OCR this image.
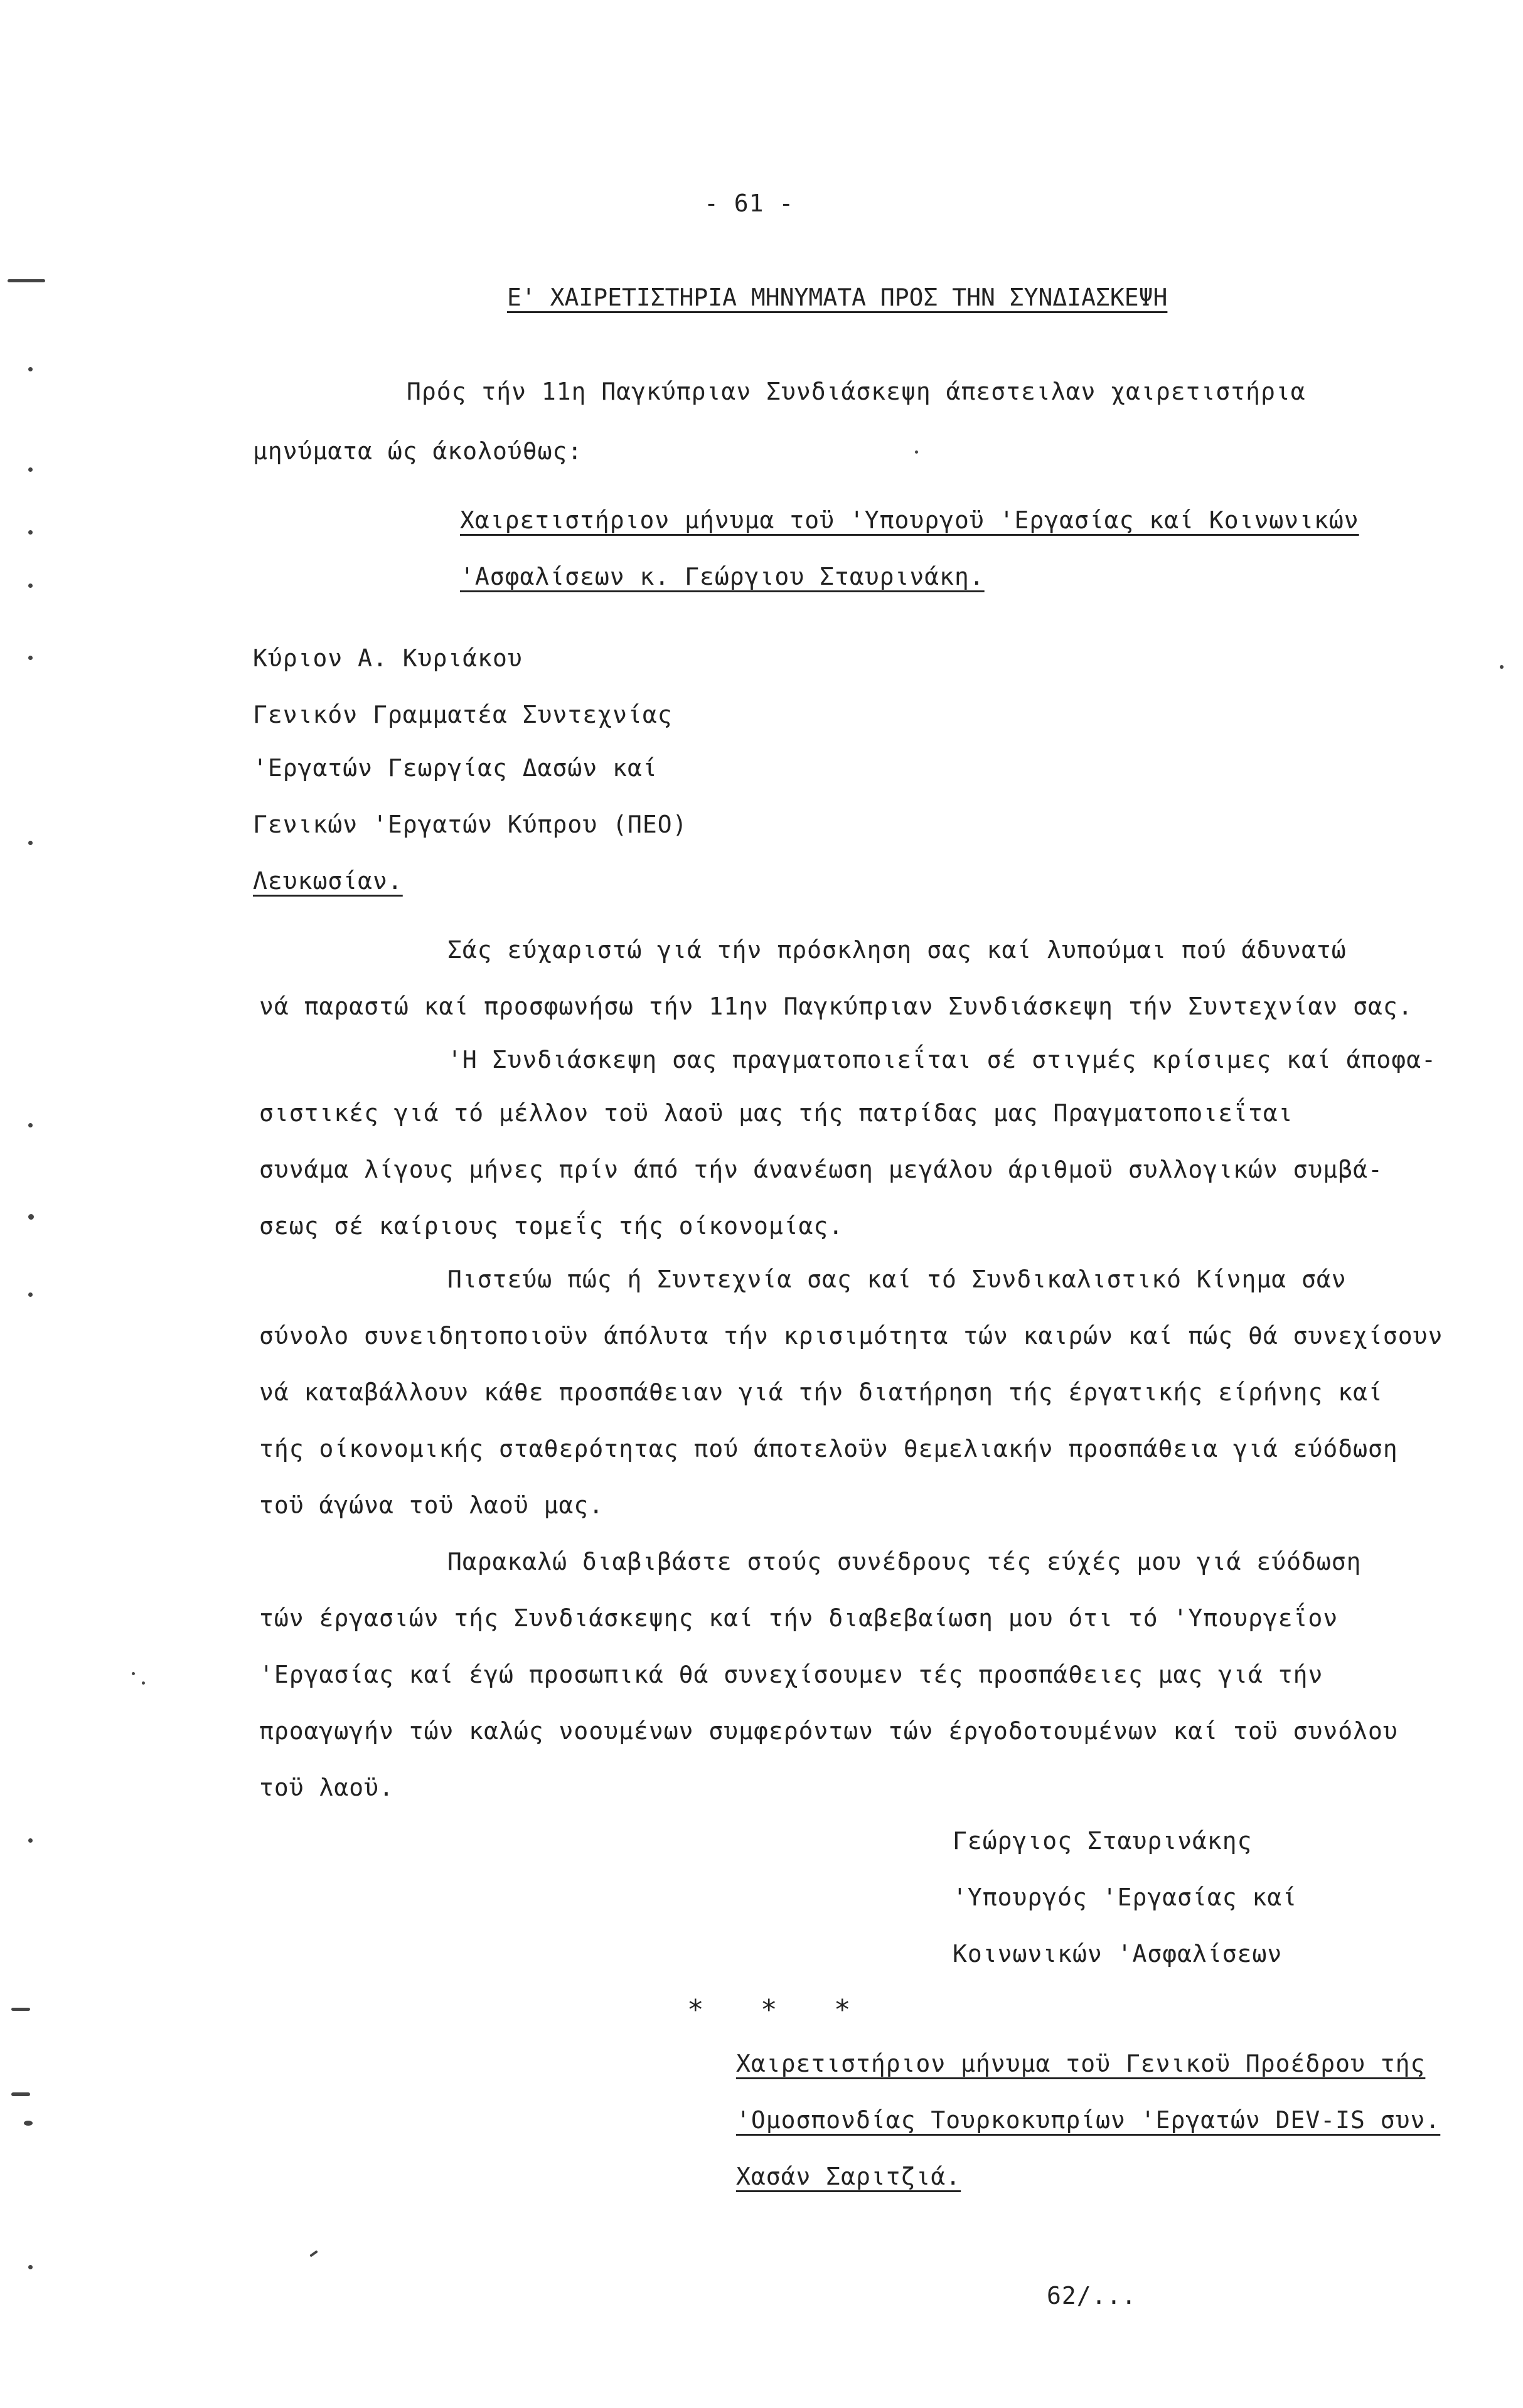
- 61 -
Ε' ΧΑΙΡΕΤΙΣΤΗΡΙΑ ΜΗΝΥΜΑΤΑ ΠΡΟΣ ΤΗΝ ΣΥΝΔΙΑΣΚΕΨΗ
Πρός τήν 11η Παγκύπριαν Συνδιάσκεψη άπεστειλαν χαιρετιστήρια
μηνύματα ώς άκολούθως:
Χαιρετιστήριον μήνυμα τοϋ 'Υπουργοϋ 'Εργασίας καί Κοινωνικών
'Ασφαλίσεων κ. Γεώργιου Σταυρινάκη.
Κύριον Α. Κυριάκου
Γενικόν Γραμματέα Συντεχνίας
'Εργατών Γεωργίας Δασών καί
Γενικών 'Εργατών Κύπρου (ΠΕΟ)
Λευκωσίαν.
Σάς εύχαριστώ γιά τήν πρόσκληση σας καί λυπούμαι πού άδυνατώ
νά παραστώ καί προσφωνήσω τήν 11ην Παγκύπριαν Συνδιάσκεψη τήν Συντεχνίαν σας.
'Η Συνδιάσκεψη σας πραγματοποιεΐται σέ στιγμές κρίσιμες καί άποφα-
σιστικές γιά τό μέλλον τοϋ λαοϋ μας τής πατρίδας μας Πραγματοποιεΐται
συνάμα λίγους μήνες πρίν άπό τήν άνανέωση μεγάλου άριθμοϋ συλλογικών συμβά-
σεως σέ καίριους τομεΐς τής οίκονομίας.
Πιστεύω πώς ή Συντεχνία σας καί τό Συνδικαλιστικό Κίνημα σάν
σύνολο συνειδητοποιοϋν άπόλυτα τήν κρισιμότητα τών καιρών καί πώς θά συνεχίσουν
νά καταβάλλουν κάθε προσπάθειαν γιά τήν διατήρηση τής έργατικής είρήνης καί
τής οίκονομικής σταθερότητας πού άποτελοϋν θεμελιακήν προσπάθεια γιά εύόδωση
τοϋ άγώνα τοϋ λαοϋ μας.
Παρακαλώ διαβιβάστε στούς συνέδρους τές εύχές μου γιά εύόδωση
τών έργασιών τής Συνδιάσκεψης καί τήν διαβεβαίωση μου ότι τό 'Υπουργεΐον
'Εργασίας καί έγώ προσωπικά θά συνεχίσουμεν τές προσπάθειες μας γιά τήν
προαγωγήν τών καλώς νοουμένων συμφερόντων τών έργοδοτουμένων καί τοϋ συνόλου
τοϋ λαοϋ.
Γεώργιος Σταυρινάκης
'Υπουργός 'Εργασίας καί
Κοινωνικών 'Ασφαλίσεων
* * *
Χαιρετιστήριον μήνυμα τοϋ Γενικοϋ Προέδρου τής
'Ομοσπονδίας Τουρκοκυπρίων 'Εργατών DEV-IS συν.
Χασάν Σαριτζιά.
62/...
